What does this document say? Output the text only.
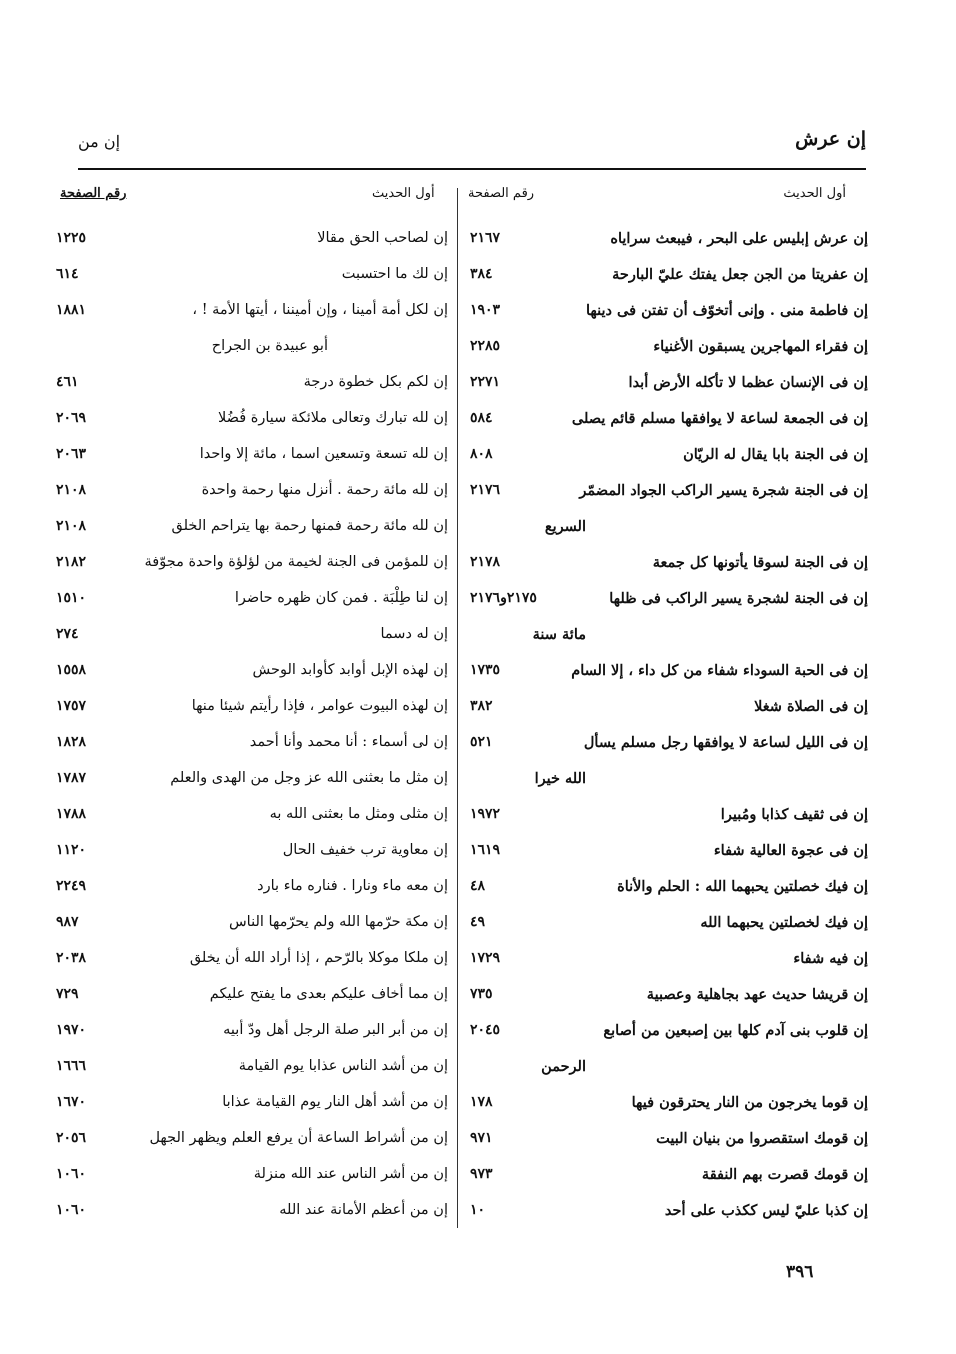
إن عرش
إن من
أول الحديث
رقم الصفحة
أول الحديث
رقم الصفحة
إن عرش إبليس على البحر ، فيبعث سراياه
٢١٦٧
إن عفريتا من الجن جعل يفتك عليّ البارحة
٣٨٤
إن فاطمة منى . وإنى أتخوّف أن تفتن فى دينها
١٩٠٣
إن فقراء المهاجرين يسبقون الأغنياء
٢٢٨٥
إن فى الإنسان عظما لا تأكله الأرض أبدا
٢٢٧١
إن فى الجمعة لساعة لا يوافقها مسلم قائم يصلى
٥٨٤
إن فى الجنة بابا يقال له الريّان
٨٠٨
إن فى الجنة شجرة يسير الراكب الجواد المضمّر
٢١٧٦
السريع
إن فى الجنة لسوقا يأتونها كل جمعة
٢١٧٨
إن فى الجنة لشجرة يسير الراكب فى ظلها
٢١٧٥و٢١٧٦
مائة سنة
إن فى الحبة السوداء شفاء من كل داء ، إلا السام
١٧٣٥
إن فى الصلاة شغلا
٣٨٢
إن فى الليل لساعة لا يوافقها رجل مسلم يسأل
٥٢١
الله خيرا
إن فى ثقيف كذابا ومُبيرا
١٩٧٢
إن فى عجوة العالية شفاء
١٦١٩
إن فيك خصلتين يحبهما الله : الحلم والأناة
٤٨
إن فيك لخصلتين يحبهما الله
٤٩
إن فيه شفاء
١٧٢٩
إن قريشا حديث عهد بجاهلية وعصبية
٧٣٥
إن قلوب بنى آدم كلها بين إصبعين من أصابع
٢٠٤٥
الرحمن
إن قوما يخرجون من النار يحترقون فيها
١٧٨
إن قومك استقصروا من بنيان البيت
٩٧١
إن قومك قصرت بهم النفقة
٩٧٣
إن كذبا عليّ ليس ككذب على أحد
١٠
إن لصاحب الحق مقالا
١٢٢٥
إن لك ما احتسبت
٦١٤
إن لكل أمة أمينا ، وإن أميننا ، أيتها الأمة ! ،
١٨٨١
أبو عبيدة بن الجراح
إن لكم بكل خطوة درجة
٤٦١
إن لله تبارك وتعالى ملائكة سيارة فُضُلا
٢٠٦٩
إن لله تسعة وتسعين اسما ، مائة إلا واحدا
٢٠٦٣
إن لله مائة رحمة . أنزل منها رحمة واحدة
٢١٠٨
إن لله مائة رحمة فمنها رحمة بها يتراحم الخلق
٢١٠٨
إن للمؤمن فى الجنة لخيمة من لؤلؤة واحدة مجوّفة
٢١٨٢
إن لنا طِلْبَة . فمن كان ظهره حاضرا
١٥١٠
إن له دسما
٢٧٤
إن لهذه الإبل أوابد كأوابد الوحش
١٥٥٨
إن لهذه البيوت عوامر ، فإذا رأيتم شيئا منها
١٧٥٧
إن لى أسماء : أنا محمد وأنا أحمد
١٨٢٨
إن مثل ما بعثنى الله عز وجل من الهدى والعلم
١٧٨٧
إن مثلى ومثل ما بعثنى الله به
١٧٨٨
إن معاوية ترب خفيف الحال
١١٢٠
إن معه ماء ونارا . فناره ماء بارد
٢٢٤٩
إن مكة حرّمها الله ولم يحرّمها الناس
٩٨٧
إن ملكا موكلا بالرّحم ، إذا أراد الله أن يخلق
٢٠٣٨
إن مما أخاف عليكم بعدى ما يفتح عليكم
٧٢٩
إن من أبر البر صلة الرجل أهل ودّ أبيه
١٩٧٠
إن من أشد الناس عذابا يوم القيامة
١٦٦٦
إن من أشد أهل النار يوم القيامة عذابا
١٦٧٠
إن من أشراط الساعة أن يرفع العلم ويظهر الجهل
٢٠٥٦
إن من أشر الناس عند الله منزلة
١٠٦٠
إن من أعظم الأمانة عند الله
١٠٦٠
٣٩٦
